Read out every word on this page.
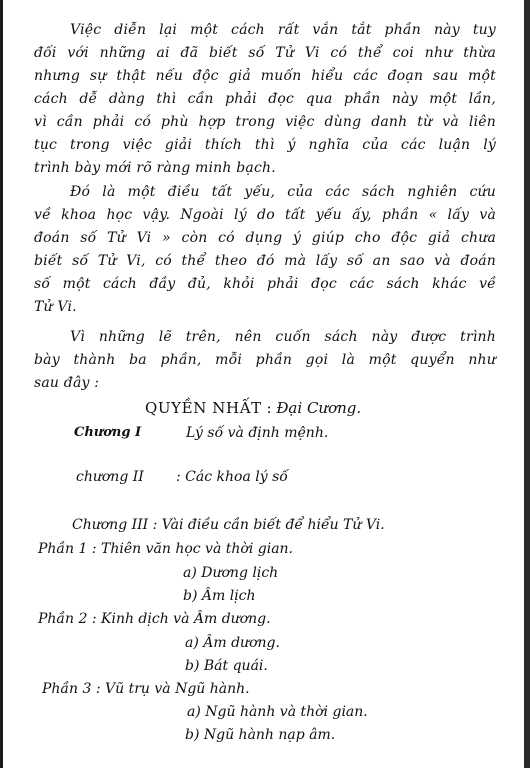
Việc diễn lại một cách rất vắn tắt phần này tuy
đối với những ai đã biết số Tử Vi có thể coi như thừa
nhưng sự thật nếu độc giả muốn hiểu các đoạn sau một
cách dễ dàng thì cần phải đọc qua phần này một lần,
vì cần phải có phù hợp trong việc dùng danh từ và liên
tục trong việc giải thích thì ý nghĩa của các luận lý
trình bày mới rõ ràng minh bạch.
Đó là một điều tất yếu, của các sách nghiên cứu
về khoa học vậy. Ngoài lý do tất yếu ấy, phần « lấy và
đoán số Tử Vi » còn có dụng ý giúp cho độc giả chưa
biết số Tử Vi, có thể theo đó mà lấy số an sao và đoán
số một cách đầy đủ, khỏi phải đọc các sách khác về
Tử Vi.
Vì những lẽ trên, nên cuốn sách này được trình
bày thành ba phần, mỗi phần gọi là một quyển như
sau đây :
QUYỀN NHẤT : Đại Cương.
Chương I	Lý số và định mệnh.
chương II : Các khoa lý số
Chương III : Vài điều cần biết để hiểu Tử Vi.
Phần 1 : Thiên văn học và thời gian.
a) Dương lịch
b) Âm lịch
Phần 2 : Kinh dịch và Âm dương.
a) Âm dương.
b) Bát quái.
Phần 3 : Vũ trụ và Ngũ hành.
a) Ngũ hành và thời gian.
b) Ngũ hành nạp âm.
